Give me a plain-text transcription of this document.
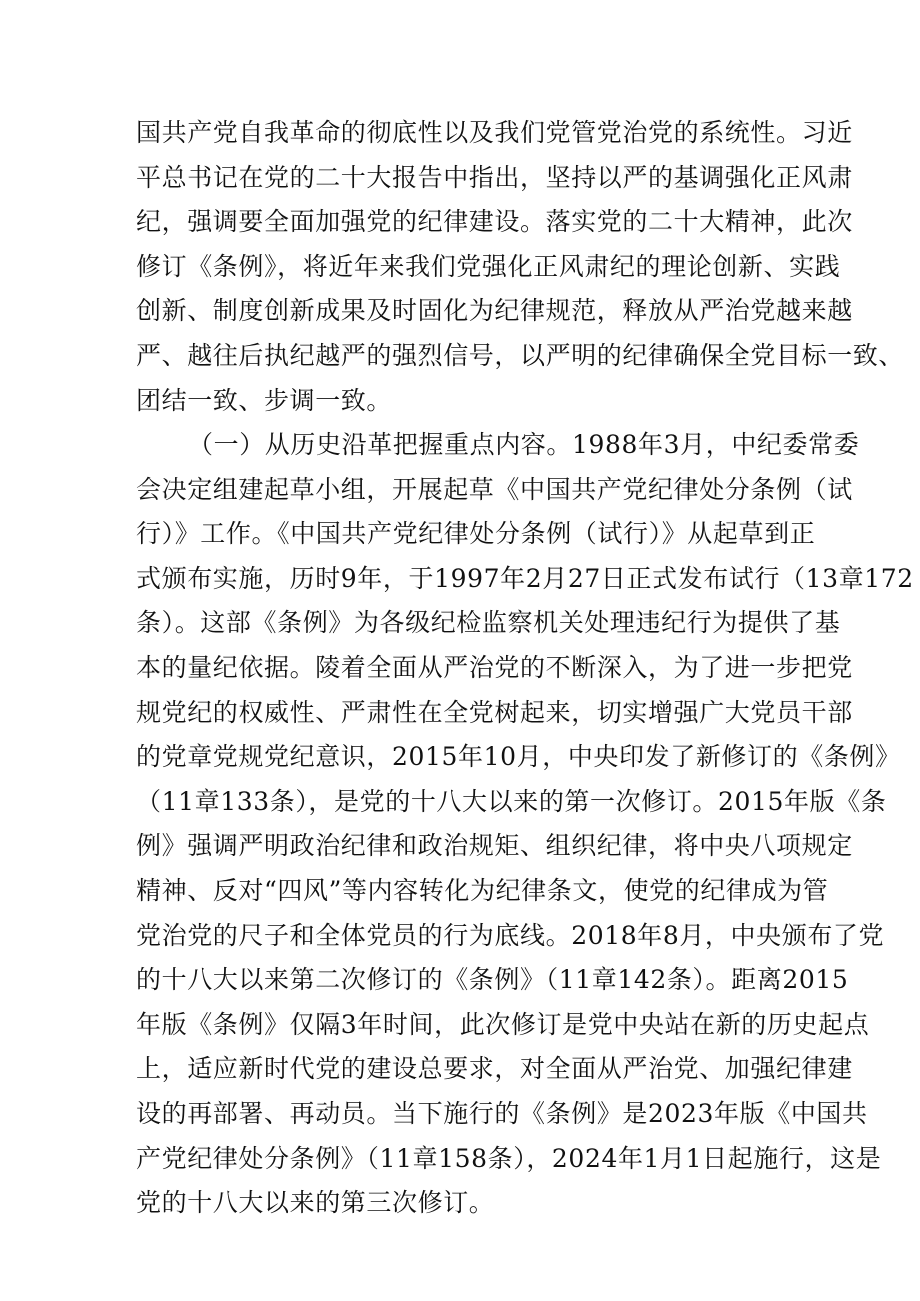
国共产党自我革命的彻底性以及我们党管党治党的系统性。习近
平总书记在党的二十大报告中指出，坚持以严的基调强化正风肃
纪，强调要全面加强党的纪律建设。落实党的二十大精神，此次
修订《条例》，将近年来我们党强化正风肃纪的理论创新、实践
创新、制度创新成果及时固化为纪律规范，释放从严治党越来越
严、越往后执纪越严的强烈信号，以严明的纪律确保全党目标一致、
团结一致、步调一致。
（一）从历史沿革把握重点内容。1988年3月，中纪委常委
会决定组建起草小组，开展起草《中国共产党纪律处分条例（试
行）》工作。《中国共产党纪律处分条例（试行）》从起草到正
式颁布实施，历时9年，于1997年2月27日正式发布试行（13章172
条）。这部《条例》为各级纪检监察机关处理违纪行为提供了基
本的量纪依据。陵着全面从严治党的不断深入，为了进一步把党
规党纪的权威性、严肃性在全党树起来，切实增强广大党员干部
的党章党规党纪意识，2015年10月，中央印发了新修订的《条例》
（11章133条），是党的十八大以来的第一次修订。2015年版《条
例》强调严明政治纪律和政治规矩、组织纪律，将中央八项规定
精神、反对“四风”等内容转化为纪律条文，使党的纪律成为管
党治党的尺子和全体党员的行为底线。2018年8月，中央颁布了党
的十八大以来第二次修订的《条例》（11章142条）。距离2015
年版《条例》仅隔3年时间，此次修订是党中央站在新的历史起点
上，适应新时代党的建设总要求，对全面从严治党、加强纪律建
设的再部署、再动员。当下施行的《条例》是2023年版《中国共
产党纪律处分条例》（11章158条），2024年1月1日起施行，这是
党的十八大以来的第三次修订。
